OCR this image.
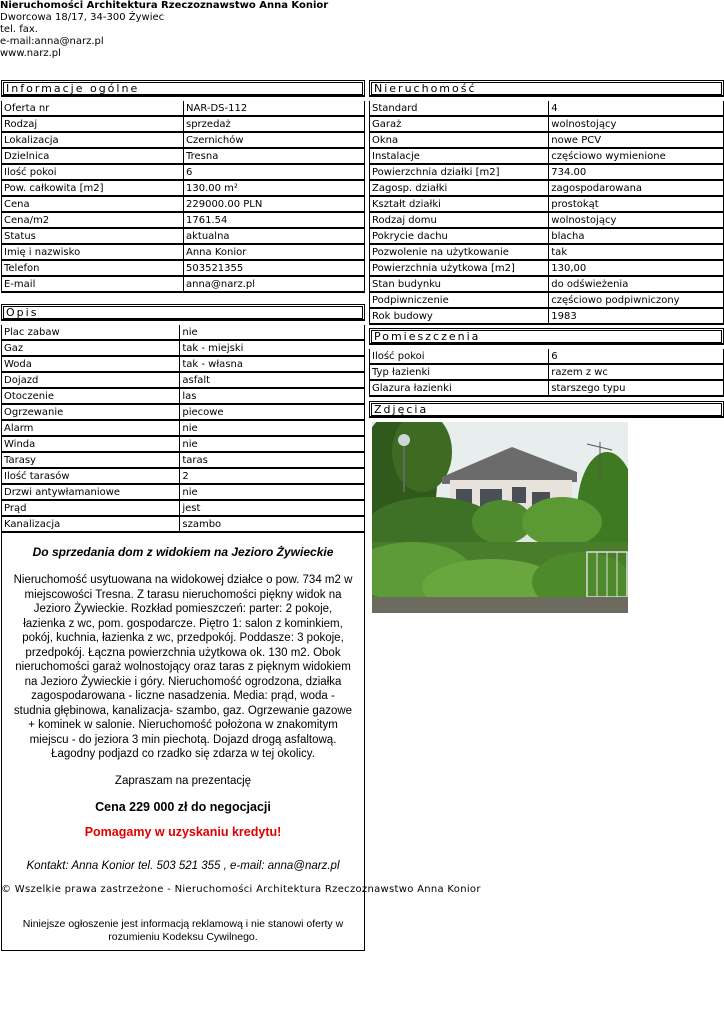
Nieruchomości Architektura Rzeczoznawstwo Anna Konior
Dworcowa 18/17, 34-300 Żywiec
tel. fax.
e-mail:anna@narz.pl
www.narz.pl
Informacje ogólne
Oferta nr	NAR-DS-112
Rodzaj	sprzedaż
Lokalizacja	Czernichów
Dzielnica	Tresna
Ilość pokoi	6
Pow. całkowita [m2]	130.00 m²
Cena	229000.00 PLN
Cena/m2	1761.54
Status	aktualna
Imię i nazwisko	Anna Konior
Telefon	503521355
E-mail	anna@narz.pl
Opis
Plac zabaw	nie
Gaz	tak - miejski
Woda	tak - własna
Dojazd	asfalt
Otoczenie	las
Ogrzewanie	piecowe
Alarm	nie
Winda	nie
Tarasy	taras
Ilość tarasów	2
Drzwi antywłamaniowe	nie
Prąd	jest
Kanalizacja	szambo
Do sprzedania dom z widokiem na Jezioro Żywieckie

Nieruchomość usytuowana na widokowej działce o pow. 734 m2 w miejscowości Tresna. Z tarasu nieruchomości piękny widok na Jezioro Żywieckie. Rozkład pomieszczeń: parter: 2 pokoje, łazienka z wc, pom. gospodarcze. Piętro 1: salon z kominkiem, pokój, kuchnia, łazienka z wc, przedpokój. Poddasze: 3 pokoje, przedpokój. Łączna powierzchnia użytkowa ok. 130 m2. Obok nieruchomości garaż wolnostojący oraz taras z pięknym widokiem na Jezioro Żywieckie i góry. Nieruchomość ogrodzona, działka zagospodarowana - liczne nasadzenia. Media: prąd, woda - studnia głębinowa, kanalizacja- szambo, gaz. Ogrzewanie gazowe + kominek w salonie. Nieruchomość położona w znakomitym miejscu - do jeziora 3 min piechotą. Dojazd drogą asfaltową. Łagodny podjazd co rzadko się zdarza w tej okolicy.

Zapraszam na prezentację

Cena 229 000 zł do negocjacji

Pomagamy w uzyskaniu kredytu!

Kontakt: Anna Konior tel. 503 521 355 , e-mail: anna@narz.pl

Niniejsze ogłoszenie jest informacją reklamową i nie stanowi oferty w rozumieniu Kodeksu Cywilnego.

Nieruchomość
Standard	4
Garaż	wolnostojący
Okna	nowe PCV
Instalacje	częściowo wymienione
Powierzchnia działki [m2]	734.00
Zagosp. działki	zagospodarowana
Kształt działki	prostokąt
Rodzaj domu	wolnostojący
Pokrycie dachu	blacha
Pozwolenie na użytkowanie	tak
Powierzchnia użytkowa [m2]	130,00
Stan budynku	do odświeżenia
Podpiwniczenie	częściowo podpiwniczony
Rok budowy	1983
Pomieszczenia
Ilość pokoi	6
Typ łazienki	razem z wc
Glazura łazienki	starszego typu
Zdjęcia
© Wszelkie prawa zastrzeżone - Nieruchomości Architektura Rzeczoznawstwo Anna Konior
